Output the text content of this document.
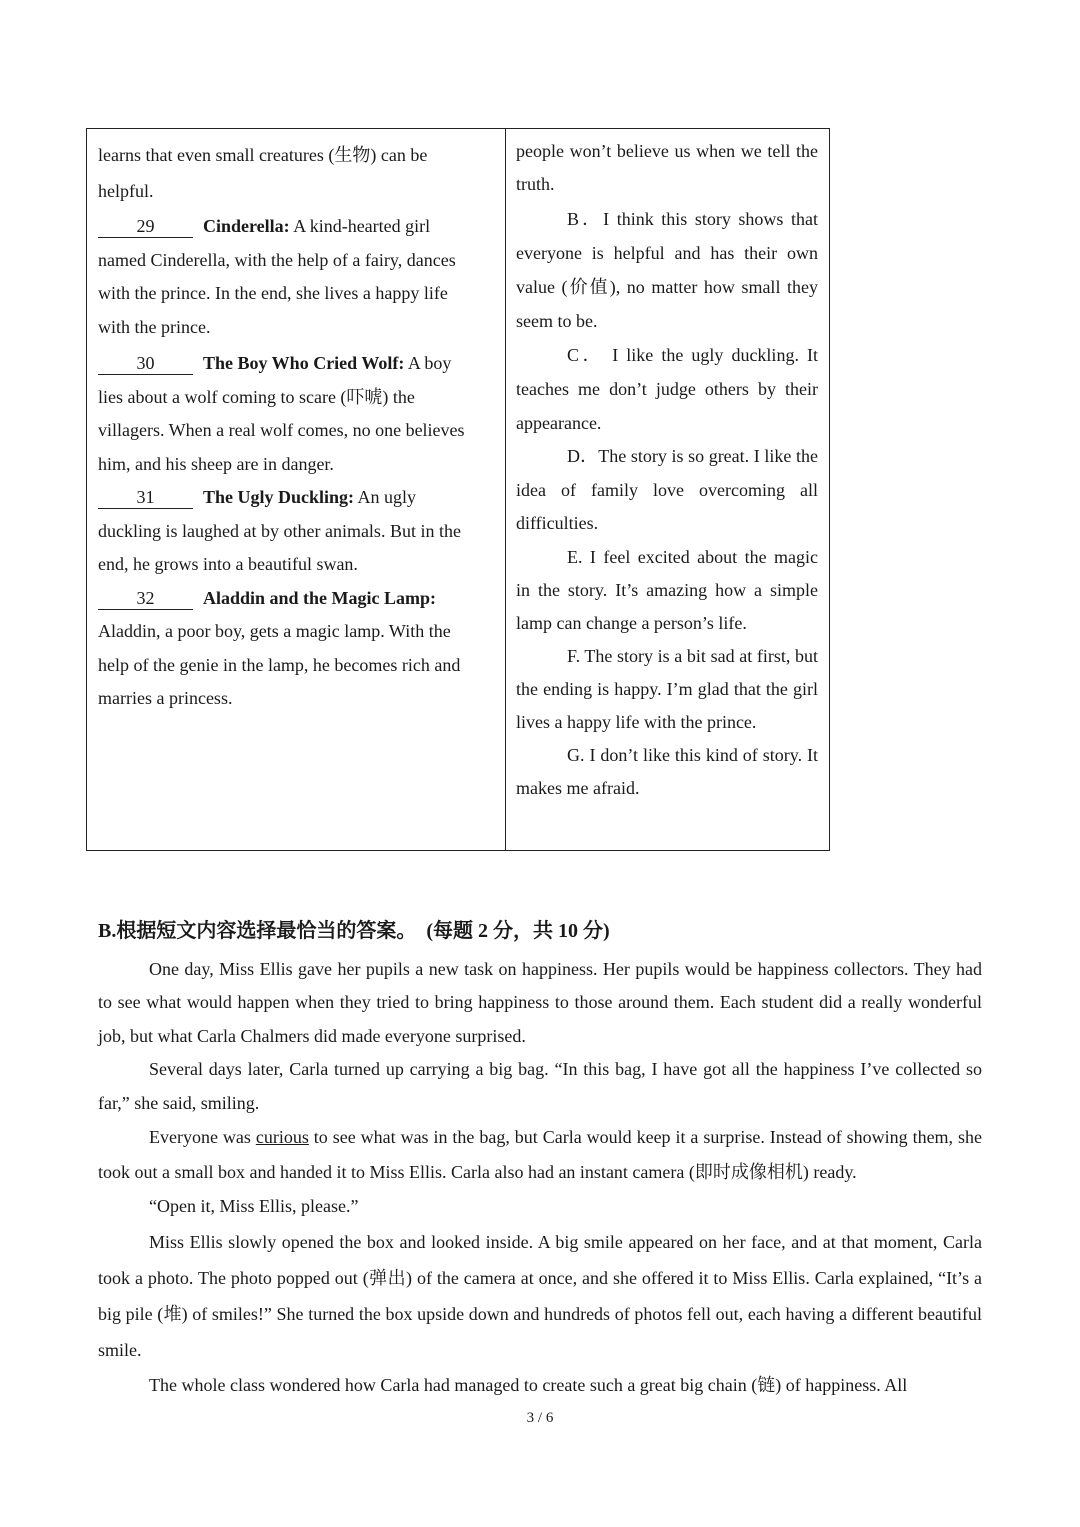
learns that even small creatures (生物) can be

helpful.

29	Cinderella: A kind-hearted girl

named Cinderella, with the help of a fairy, dances

with the prince. In the end, she lives a happy life

with the prince.

30	The Boy Who Cried Wolf: A boy

lies about a wolf coming to scare (吓唬) the

villagers. When a real wolf comes, no one believes

him, and his sheep are in danger.

31	The Ugly Duckling: An ugly

duckling is laughed at by other animals. But in the

end, he grows into a beautiful swan.

32	Aladdin and the Magic Lamp:

Aladdin, a poor boy, gets a magic lamp. With the

help of the genie in the lamp, he becomes rich and

marries a princess.

people won’t believe us when we tell the truth.

B．I think this story shows that everyone is helpful and has their own value (价值), no matter how small they seem to be.

C． I like the ugly duckling. It teaches me don’t judge others by their appearance.

D．The story is so great. I like the idea of family love overcoming all difficulties.

E. I feel excited about the magic in the story. It’s amazing how a simple lamp can change a person’s life.

F. The story is a bit sad at first, but the ending is happy. I’m glad that the girl lives a happy life with the prince.

G. I don’t like this kind of story. It makes me afraid.

B.根据短文内容选择最恰当的答案。 (每题 2 分，共 10 分)

One day, Miss Ellis gave her pupils a new task on happiness. Her pupils would be happiness collectors. They had to see what would happen when they tried to bring happiness to those around them. Each student did a really wonderful job, but what Carla Chalmers did made everyone surprised.

Several days later, Carla turned up carrying a big bag. “In this bag, I have got all the happiness I’ve collected so far,” she said, smiling.

Everyone was curious to see what was in the bag, but Carla would keep it a surprise. Instead of showing them, she took out a small box and handed it to Miss Ellis. Carla also had an instant camera (即时成像相机) ready.

“Open it, Miss Ellis, please.”

Miss Ellis slowly opened the box and looked inside. A big smile appeared on her face, and at that moment, Carla took a photo. The photo popped out (弹出) of the camera at once, and she offered it to Miss Ellis. Carla explained, “It’s a big pile (堆) of smiles!” She turned the box upside down and hundreds of photos fell out, each having a different beautiful smile.

The whole class wondered how Carla had managed to create such a great big chain (链) of happiness. All

3 / 6
